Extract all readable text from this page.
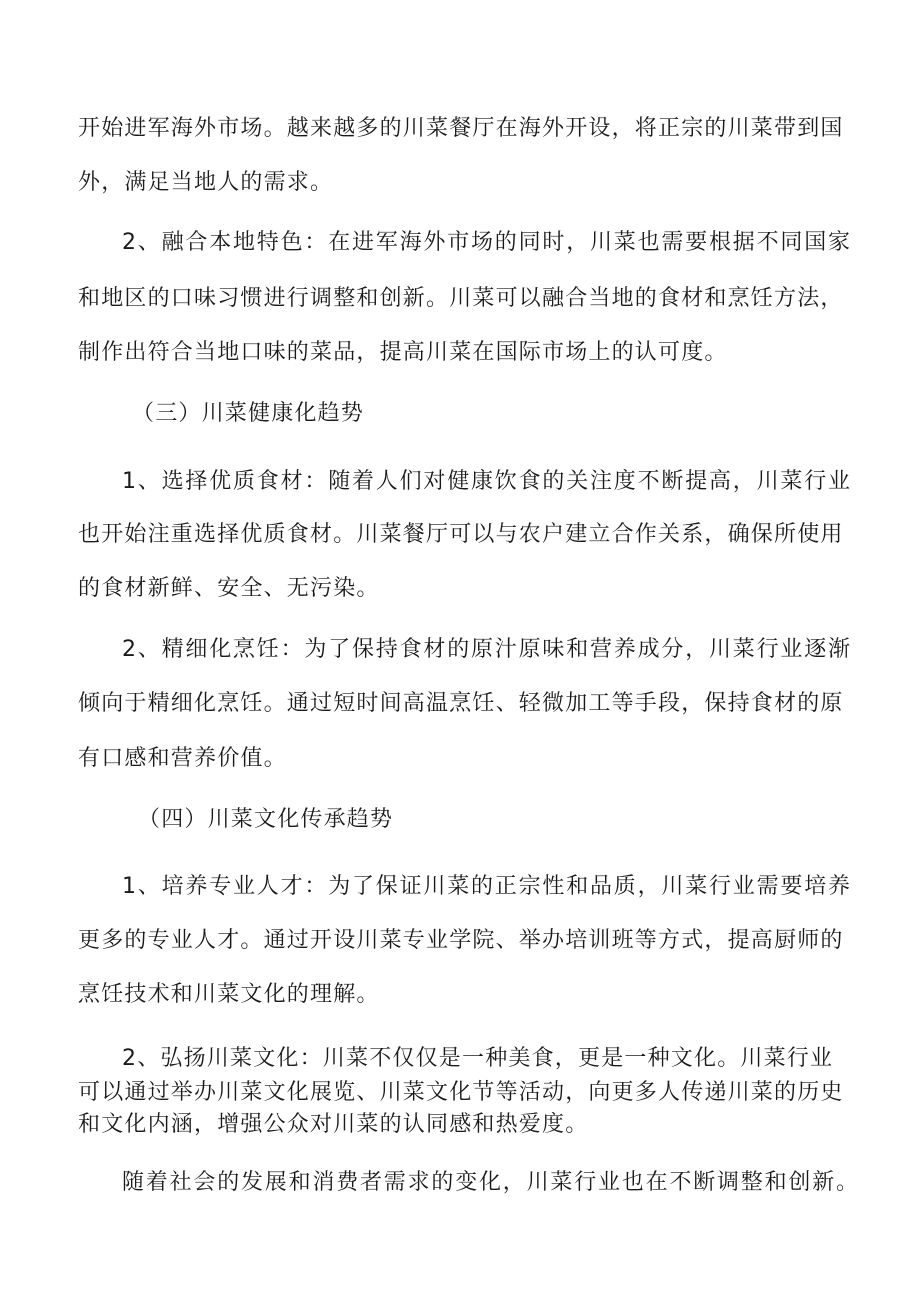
开始进军海外市场。越来越多的川菜餐厅在海外开设，将正宗的川菜带到国
外，满足当地人的需求。
2、融合本地特色：在进军海外市场的同时，川菜也需要根据不同国家
和地区的口味习惯进行调整和创新。川菜可以融合当地的食材和烹饪方法，
制作出符合当地口味的菜品，提高川菜在国际市场上的认可度。
（三）川菜健康化趋势
1、选择优质食材：随着人们对健康饮食的关注度不断提高，川菜行业
也开始注重选择优质食材。川菜餐厅可以与农户建立合作关系，确保所使用
的食材新鲜、安全、无污染。
2、精细化烹饪：为了保持食材的原汁原味和营养成分，川菜行业逐渐
倾向于精细化烹饪。通过短时间高温烹饪、轻微加工等手段，保持食材的原
有口感和营养价值。
（四）川菜文化传承趋势
1、培养专业人才：为了保证川菜的正宗性和品质，川菜行业需要培养
更多的专业人才。通过开设川菜专业学院、举办培训班等方式，提高厨师的
烹饪技术和川菜文化的理解。
2、弘扬川菜文化：川菜不仅仅是一种美食，更是一种文化。川菜行业
可以通过举办川菜文化展览、川菜文化节等活动，向更多人传递川菜的历史
和文化内涵，增强公众对川菜的认同感和热爱度。
随着社会的发展和消费者需求的变化，川菜行业也在不断调整和创新。
